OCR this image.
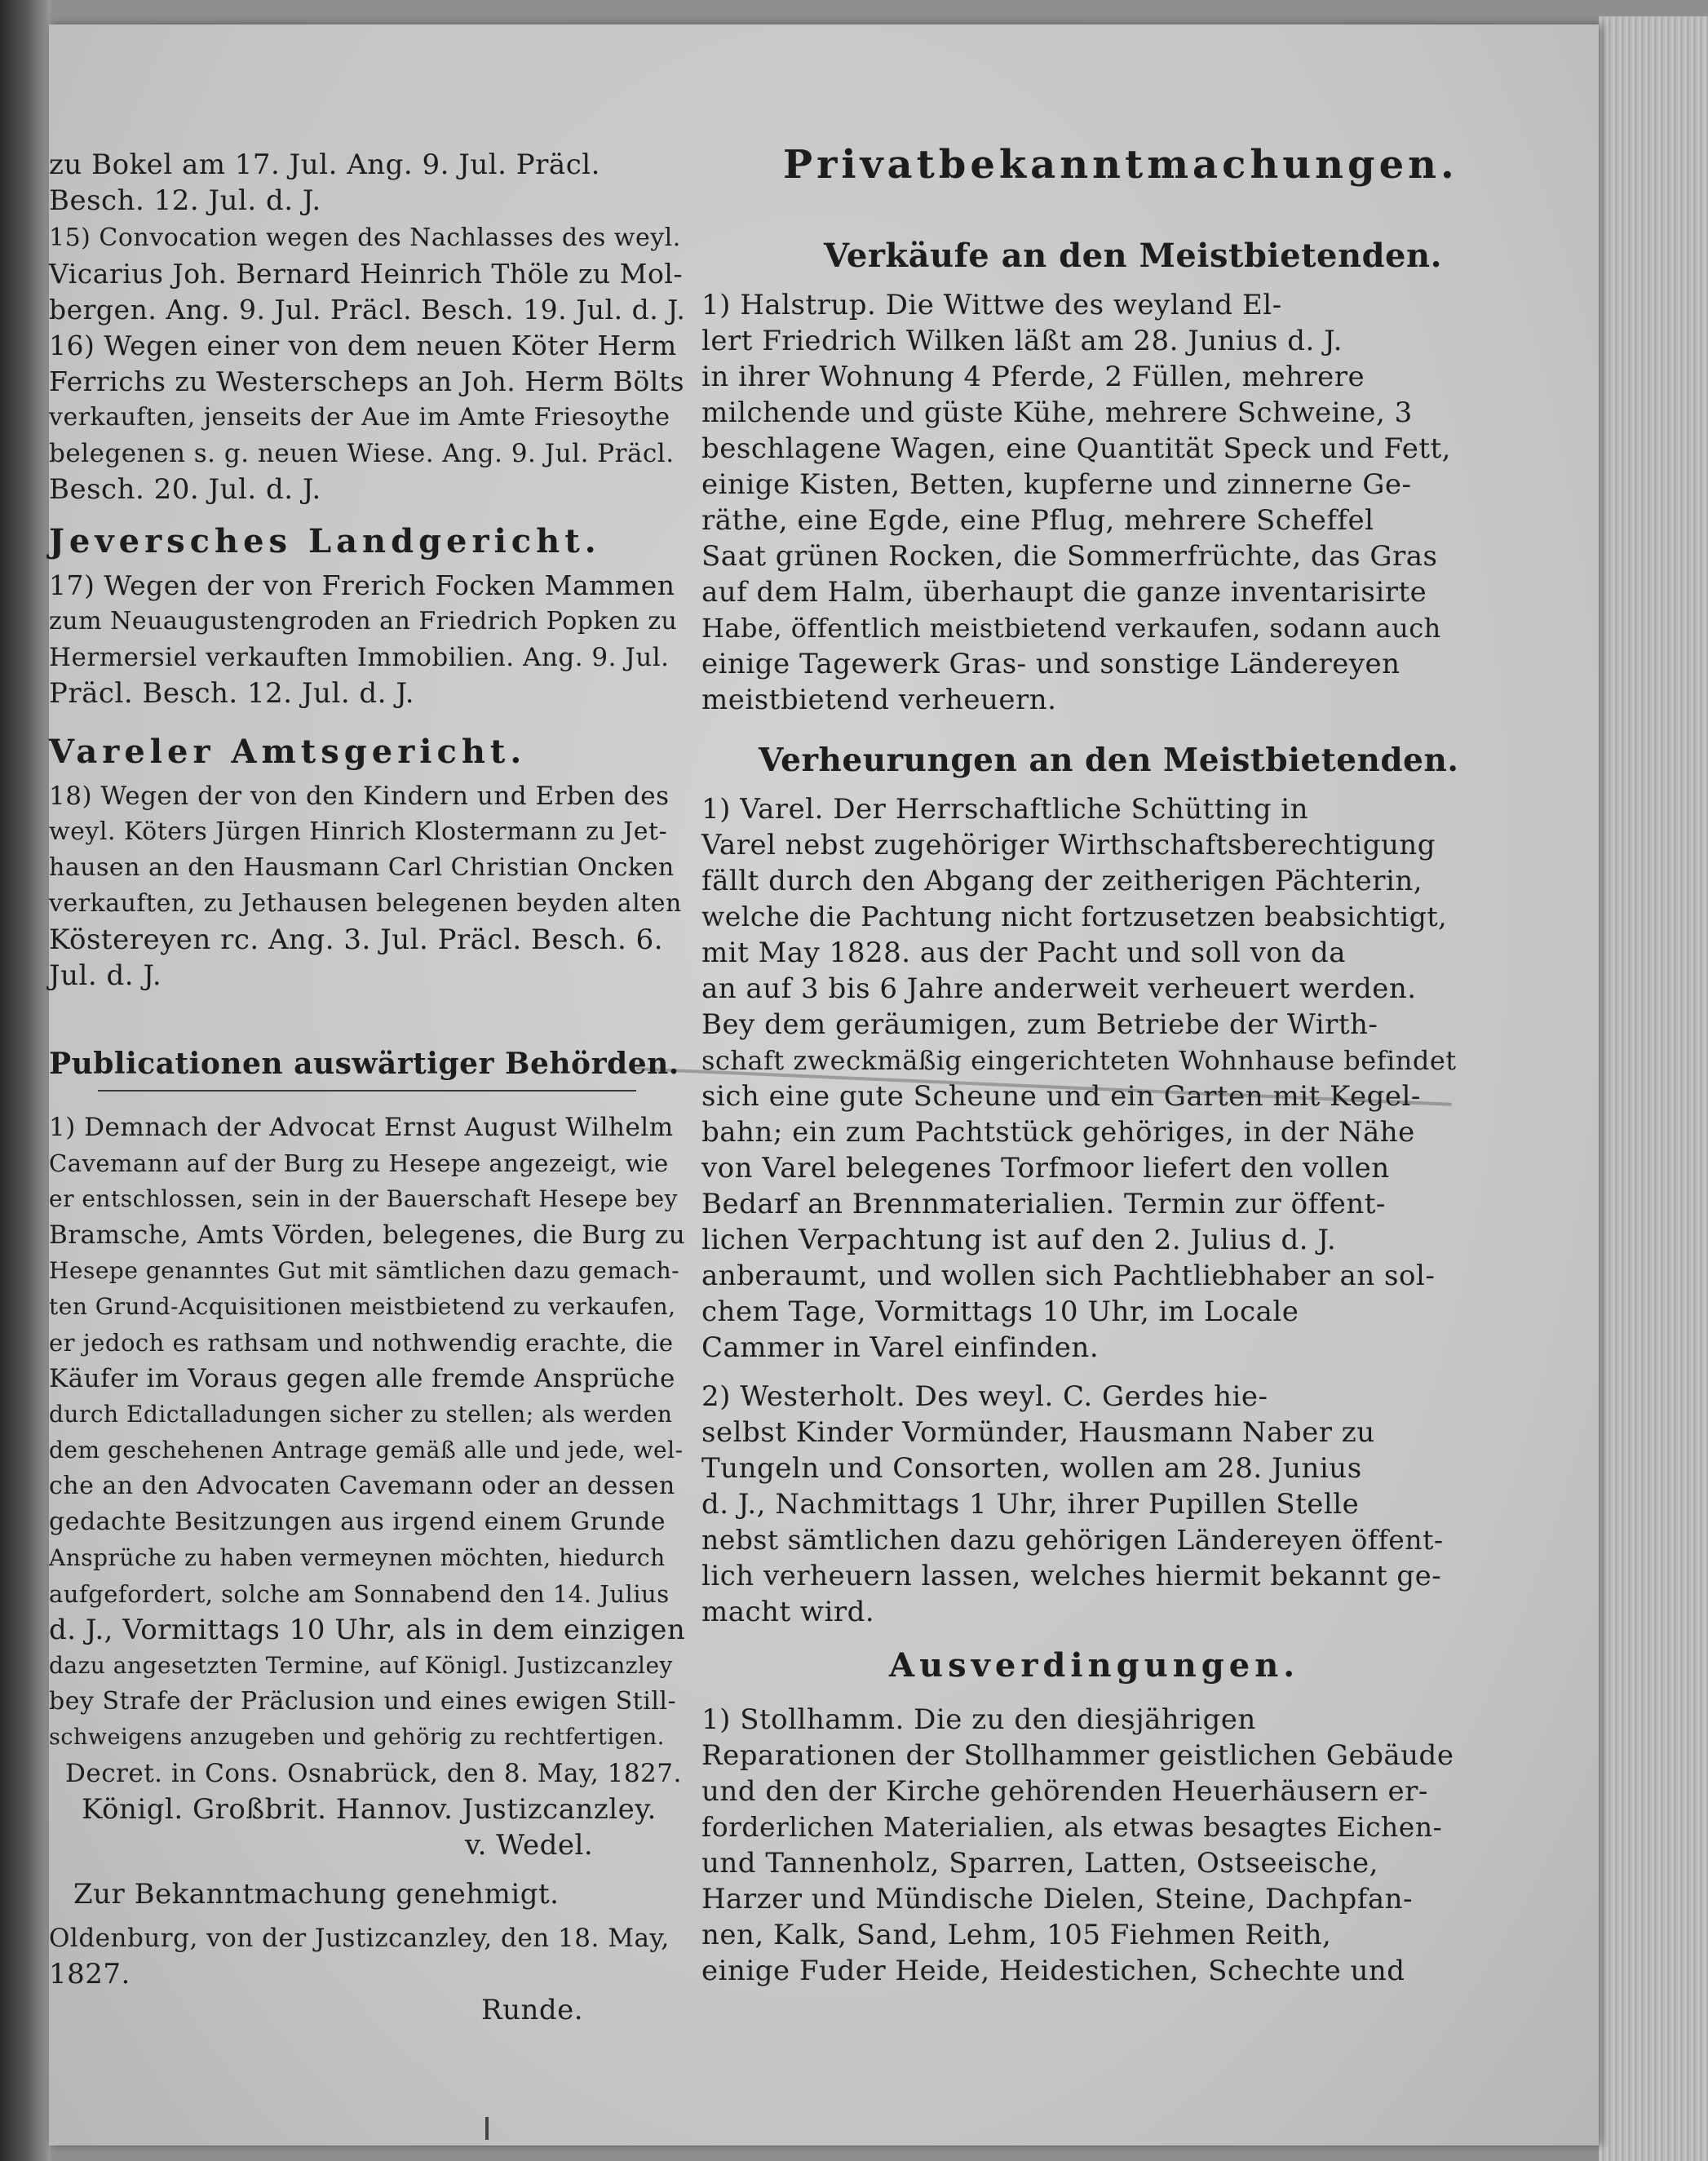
zu Bokel am 17. Jul. Ang. 9. Jul. Präcl.
Besch. 12. Jul. d. J.
15) Convocation wegen des Nachlasses des weyl.
Vicarius Joh. Bernard Heinrich Thöle zu Mol-
bergen. Ang. 9. Jul. Präcl. Besch. 19. Jul. d. J.
16) Wegen einer von dem neuen Köter Herm
Ferrichs zu Westerscheps an Joh. Herm Bölts
verkauften, jenseits der Aue im Amte Friesoythe
belegenen s. g. neuen Wiese. Ang. 9. Jul. Präcl.
Besch. 20. Jul. d. J.
Jeversches Landgericht.
17) Wegen der von Frerich Focken Mammen
zum Neuaugustengroden an Friedrich Popken zu
Hermersiel verkauften Immobilien. Ang. 9. Jul.
Präcl. Besch. 12. Jul. d. J.
Vareler Amtsgericht.
18) Wegen der von den Kindern und Erben des
weyl. Köters Jürgen Hinrich Klostermann zu Jet-
hausen an den Hausmann Carl Christian Oncken
verkauften, zu Jethausen belegenen beyden alten
Köstereyen rc. Ang. 3. Jul. Präcl. Besch. 6.
Jul. d. J.
Publicationen auswärtiger Behörden.
1) Demnach der Advocat Ernst August Wilhelm
Cavemann auf der Burg zu Hesepe angezeigt, wie
er entschlossen, sein in der Bauerschaft Hesepe bey
Bramsche, Amts Vörden, belegenes, die Burg zu
Hesepe genanntes Gut mit sämtlichen dazu gemach-
ten Grund-Acquisitionen meistbietend zu verkaufen,
er jedoch es rathsam und nothwendig erachte, die
Käufer im Voraus gegen alle fremde Ansprüche
durch Edictalladungen sicher zu stellen; als werden
dem geschehenen Antrage gemäß alle und jede, wel-
che an den Advocaten Cavemann oder an dessen
gedachte Besitzungen aus irgend einem Grunde
Ansprüche zu haben vermeynen möchten, hiedurch
aufgefordert, solche am Sonnabend den 14. Julius
d. J., Vormittags 10 Uhr, als in dem einzigen
dazu angesetzten Termine, auf Königl. Justizcanzley
bey Strafe der Präclusion und eines ewigen Still-
schweigens anzugeben und gehörig zu rechtfertigen.
Decret. in Cons. Osnabrück, den 8. May, 1827.
Königl. Großbrit. Hannov. Justizcanzley.
v. Wedel.
Zur Bekanntmachung genehmigt.
Oldenburg, von der Justizcanzley, den 18. May,
1827.
Runde.
Privatbekanntmachungen.
Verkäufe an den Meistbietenden.
1) Halstrup. Die Wittwe des weyland El-
lert Friedrich Wilken läßt am 28. Junius d. J.
in ihrer Wohnung 4 Pferde, 2 Füllen, mehrere
milchende und güste Kühe, mehrere Schweine, 3
beschlagene Wagen, eine Quantität Speck und Fett,
einige Kisten, Betten, kupferne und zinnerne Ge-
räthe, eine Egde, eine Pflug, mehrere Scheffel
Saat grünen Rocken, die Sommerfrüchte, das Gras
auf dem Halm, überhaupt die ganze inventarisirte
Habe, öffentlich meistbietend verkaufen, sodann auch
einige Tagewerk Gras- und sonstige Ländereyen
meistbietend verheuern.
Verheurungen an den Meistbietenden.
1) Varel. Der Herrschaftliche Schütting in
Varel nebst zugehöriger Wirthschaftsberechtigung
fällt durch den Abgang der zeitherigen Pächterin,
welche die Pachtung nicht fortzusetzen beabsichtigt,
mit May 1828. aus der Pacht und soll von da
an auf 3 bis 6 Jahre anderweit verheuert werden.
Bey dem geräumigen, zum Betriebe der Wirth-
schaft zweckmäßig eingerichteten Wohnhause befindet
sich eine gute Scheune und ein Garten mit Kegel-
bahn; ein zum Pachtstück gehöriges, in der Nähe
von Varel belegenes Torfmoor liefert den vollen
Bedarf an Brennmaterialien. Termin zur öffent-
lichen Verpachtung ist auf den 2. Julius d. J.
anberaumt, und wollen sich Pachtliebhaber an sol-
chem Tage, Vormittags 10 Uhr, im Locale
Cammer in Varel einfinden.
2) Westerholt. Des weyl. C. Gerdes hie-
selbst Kinder Vormünder, Hausmann Naber zu
Tungeln und Consorten, wollen am 28. Junius
d. J., Nachmittags 1 Uhr, ihrer Pupillen Stelle
nebst sämtlichen dazu gehörigen Ländereyen öffent-
lich verheuern lassen, welches hiermit bekannt ge-
macht wird.
Ausverdingungen.
1) Stollhamm. Die zu den diesjährigen
Reparationen der Stollhammer geistlichen Gebäude
und den der Kirche gehörenden Heuerhäusern er-
forderlichen Materialien, als etwas besagtes Eichen-
und Tannenholz, Sparren, Latten, Ostseeische,
Harzer und Mündische Dielen, Steine, Dachpfan-
nen, Kalk, Sand, Lehm, 105 Fiehmen Reith,
einige Fuder Heide, Heidestichen, Schechte und
